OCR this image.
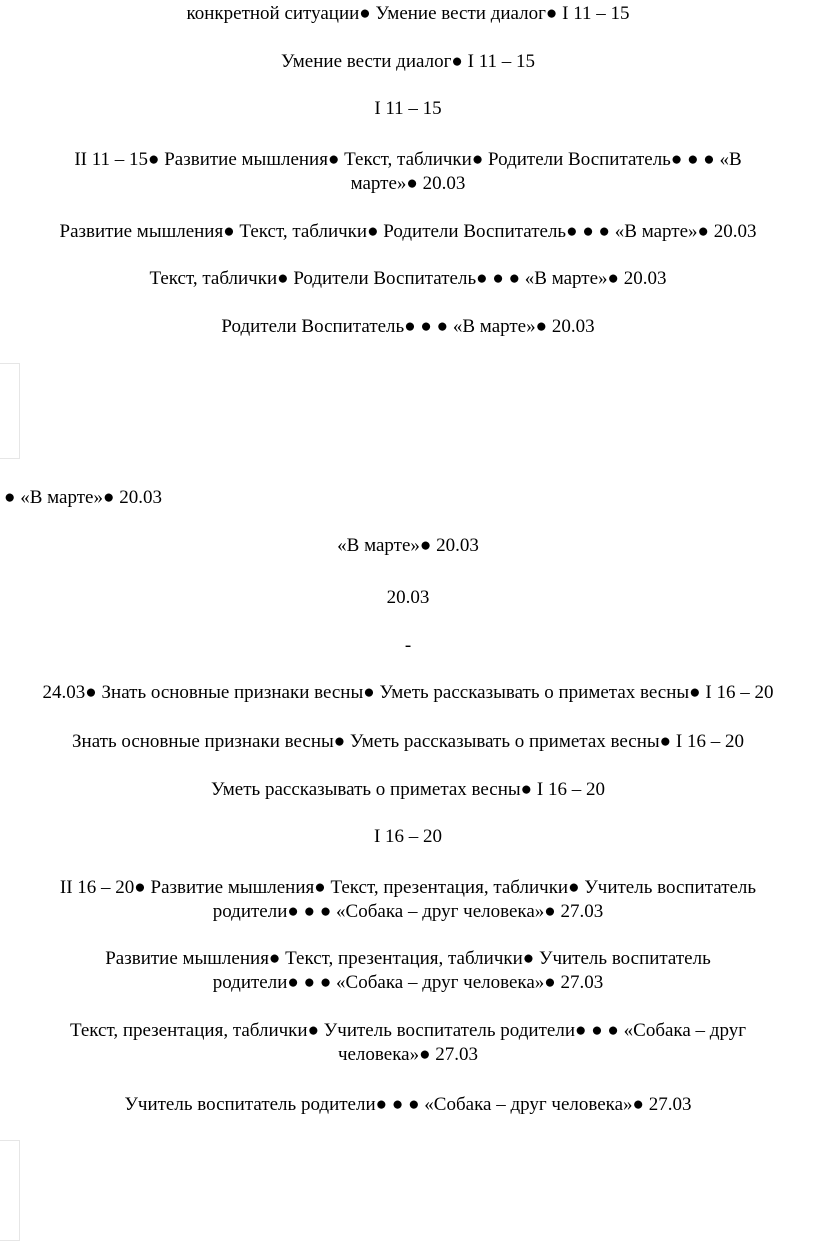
конкретной ситуации● Умение вести диалог● I 11 – 15
Умение вести диалог● I 11 – 15
I 11 – 15
II 11 – 15● Развитие мышления● Текст, таблички● Родители Воспитатель● ● ● «В
марте»● 20.03
Развитие мышления● Текст, таблички● Родители Воспитатель● ● ● «В марте»● 20.03
Текст, таблички● Родители Воспитатель● ● ● «В марте»● 20.03
Родители Воспитатель● ● ● «В марте»● 20.03
● «В марте»● 20.03
«В марте»● 20.03
20.03
-
24.03● Знать основные признаки весны● Уметь рассказывать о приметах весны● I 16 – 20
Знать основные признаки весны● Уметь рассказывать о приметах весны● I 16 – 20
Уметь рассказывать о приметах весны● I 16 – 20
I 16 – 20
II 16 – 20● Развитие мышления● Текст, презентация, таблички● Учитель воспитатель
родители● ● ● «Собака – друг человека»● 27.03
Развитие мышления● Текст, презентация, таблички● Учитель воспитатель
родители● ● ● «Собака – друг человека»● 27.03
Текст, презентация, таблички● Учитель воспитатель родители● ● ● «Собака – друг
человека»● 27.03
Учитель воспитатель родители● ● ● «Собака – друг человека»● 27.03
